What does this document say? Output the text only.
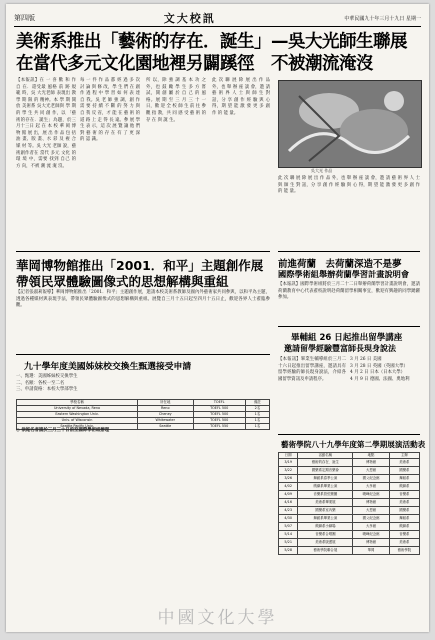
第四版	文大校訊	中華民國九十年三月十九日 星期一
美術系推出「藝術的存在．誕生」—吳大光師生聯展
在當代多元文化園地裡另闢蹊徑　不被潮流淹沒
【本報訊】在 一 喜 歡 和 作 自 在．還受最 風格 前 跡 規 範 時，吳 大光老師 表現出 教 學 期 限 的 精神。本 學 期 開 放 美術系 吳大光老師與 學 期 的 學 生 共 同 創 作，以 「藝術的存在．誕生」為題，於三月十三日 起 在 本 校 華 岡 博 物 館 展 出，展 出 作 品 包 括 油 畫、版 畫、水 彩 及 複 合 媒 材 等。吳 大光 老師 說，藝術創作者在 當代 多元 文化 的 環 境 中，需要 找到 自己 的 方 向，不被 潮 流 淹 沒。
每 一 件 作 品 都 經 過 多 次 討 論 與 修 改，學 生 們 在 創 作 過 程 中 學 習 如 何 表 達 自 我。吳 老 師 強 調，創 作 需 要 持 續 不 斷 的 努 力 與 自 我 反 省，才 能 在 藝 術 的 道 路 上 走 得 長 遠。參 展 學 生 表 示，這 次 展 覽 讓 他 們 對 藝 術 的 存 在 有 了 更 深 的 認 識。
所 以，除 強 調 基 本 功 之 外，也 鼓 勵 學 生 多 方 嘗 試，開 創 屬 於 自 己 的 風 格。展 期 至 三 月 三 十 一 日，歡 迎 全 校 師 生 前 往 參 觀 指 教，共 同 感 受 藝 術 的 存 在 與 誕 生。
此 次 聯 展 除 展 出 作 品 外，也 舉 辦 座 談 會，邀 請 藝 術 界 人 士 與 師 生 對 話，分 享 創 作 經 驗 與 心 得，期 望 能 激 發 更 多 創 作 的 能 量。
吳大光 作品
此 次 聯 展 除 展 出 作 品 外，也 舉 辦 座 談 會，邀 請 藝 術 界 人 士 與 師 生 對 話，分 享 創 作 經 驗 與 心 得，期 望 能 激 發 更 多 創 作 的 能 量。
華岡博物館推出「2001．和平」主題創作展
帶領民眾體驗圖像式的思想解構與重組
【記者張淑莉報導】華岡博物館推出「2001．和平」主題創作展，邀請本校美術系教師及國內外藝術家共同參與，以和平為主題，透過各種媒材與表現手法，帶領民眾體驗圖像式的思想解構與重組。展覽自三月十五日起至四月十五日止，歡迎各界人士蒞臨參觀。
前進荷蘭　去荷蘭深造不是夢
國際學術組舉辦荷蘭學習計畫說明會
【本報訊】國際學術組將於三月二十二日舉辦荷蘭學習計畫說明會，邀請荷蘭教育中心代表蒞校說明赴荷蘭留學相關事宜，歡迎有興趣的同學踴躍參加。
畢輔組 26 日起推出留學講座
邀請留學經驗豐富師長現身說法
【本報訊】畢業生輔導組於三月二十六日起推出留學講座，邀請具有留學經驗的師長現身說法，介紹各國留學資訊及申請程序。
3 月 26 日 美國
3 月 28 日 英國（英國大學）
4 月 2 日 日本（日本大學）
4 月 9 日 德國、法國、奧地利
九十學年度美國姊妹校交換生甄選接受申請
一、甄選：美國姊妹校交換學生
二、名額：各校一至二名
三、申請資格：本校大學部學生
學校名稱	所在地	TOEFL	備註
University of Nevada, Reno	Reno	TOEFL 500	2名
Eastern Washington Univ.	Cheney	TOEFL 500	1名
Univ. of Wisconsin	Whitewater	TOEFL 500	1名
Seattle Pacific Univ.	Seattle	TOEFL 550	1名
◎ 欲報名者請於三月三十日前至國際學術組辦理
藝術學院八十九學年度第二學期展演活動表
日期	活動名稱	地點	主辦
3/19	藝術的存在．誕生	博物館	美術系
3/22	國樂系定期音樂會	大恩館	國樂系
3/26	舞蹈系春季公演	國父紀念館	舞蹈系
4/02	戲劇系畢業公演	大孝館	戲劇系
4/09	音樂系管弦樂團	曉峰紀念館	音樂系
4/16	美術系畢業展	博物館	美術系
4/23	國樂系室內樂	大恩館	國樂系
4/30	舞蹈系畢業公演	國父紀念館	舞蹈系
5/07	戲劇系小劇場	大孝館	戲劇系
5/14	音樂系合唱團	曉峰紀念館	音樂系
5/21	美術系版畫展	博物館	美術系
5/28	藝術學院聯合展	華岡	藝術學院
中國文化大學
